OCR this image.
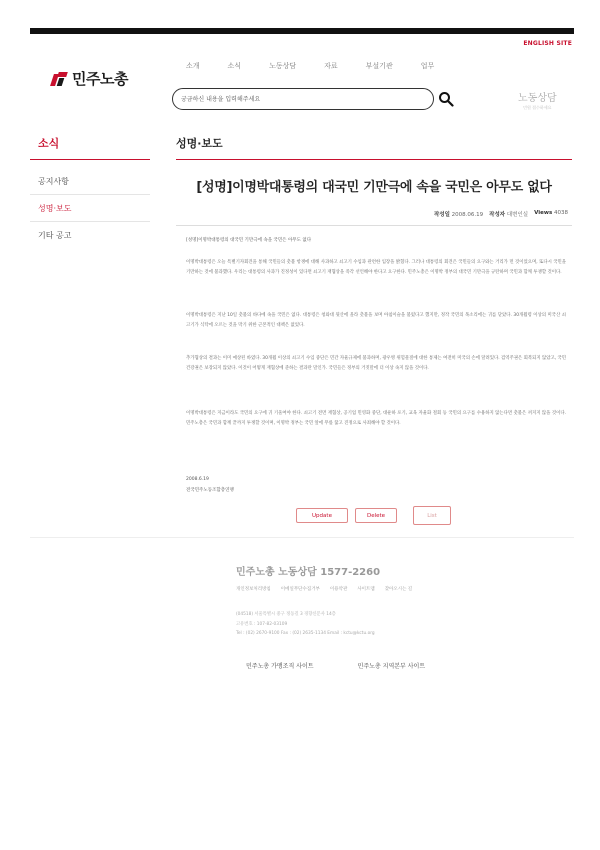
ENGLISH SITE
민주노총
소개	소식	노동상담	자료	부설기관	업무
궁금하신 내용을 입력해주세요
노동상담
민원 접수하세요
소식
공지사항
성명·보도
기타 공고
성명·보도
[성명]이명박대통령의 대국민 기만극에 속을 국민은 아무도 없다
작성일 2008.06.19 작성자 대변인실 Views 4038
[성명]이명박대통령의 대국민 기만극에 속을 국민은 아무도 없다
이명박대통령은 오늘 특별기자회견을 통해 국민들의 촛불 항쟁에 대해 사과하고 쇠고기 수입과 관련한 입장을 밝혔다. 그러나 대통령의 회견은 국민들의 요구와는 거리가 먼 것이었으며, 또다시 국민을 기만하는 것에 불과했다. 우리는 대통령의 사과가 진정성이 있다면 쇠고기 재협상을 즉각 선언해야 한다고 요구한다. 민주노총은 이명박 정부의 대국민 기만극을 규탄하며 국민과 함께 투쟁할 것이다.
이명박대통령은 지난 10일 촛불의 바다에 속을 국민은 없다. 대통령은 청와대 뒷산에 올라 촛불을 보며 아침이슬을 불렀다고 했지만, 정작 국민의 목소리에는 귀를 닫았다. 30개월령 이상의 미국산 쇠고기가 식탁에 오르는 것을 막기 위한 근본적인 대책은 없었다.
추가협상의 결과는 이미 예상된 바였다. 30개월 이상의 쇠고기 수입 중단은 민간 자율규제에 불과하며, 광우병 위험물질에 대한 통제는 여전히 미국의 손에 달려있다. 검역주권은 회복되지 않았고, 국민 건강권은 보장되지 않았다. 이것이 어떻게 재협상에 준하는 결과란 말인가. 국민들은 정부의 거짓말에 더 이상 속지 않을 것이다.
이명박대통령은 지금이라도 국민의 요구에 귀 기울여야 한다. 쇠고기 전면 재협상, 공기업 민영화 중단, 대운하 포기, 교육 자율화 철회 등 국민의 요구를 수용하지 않는다면 촛불은 꺼지지 않을 것이다. 민주노총은 국민과 함께 끝까지 투쟁할 것이며, 이명박 정부는 국민 앞에 무릎 꿇고 진정으로 사죄해야 할 것이다.
2008.6.19
전국민주노동조합총연맹
Update	Delete	List
민주노총 노동상담 1577-2260
개인정보처리방침 이메일무단수집거부 이용약관 사이트맵 찾아오시는 길
(04518) 서울특별시 중구 정동길 3 경향신문사 14층
고유번호 : 107-82-03109
Tel : (02) 2670-9100 Fax : (02) 2635-1134 Email : kctu@kctu.org
민주노총 가맹조직 사이트	민주노총 지역본부 사이트
